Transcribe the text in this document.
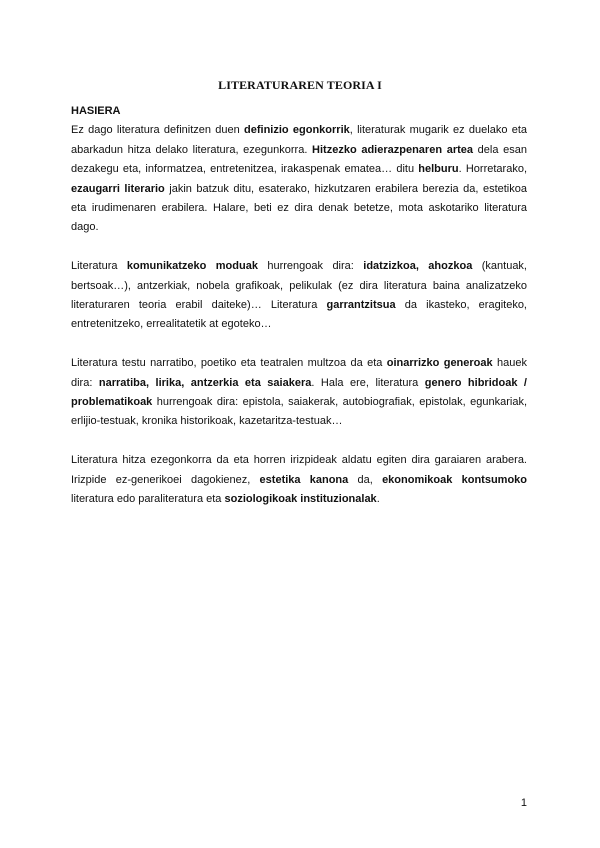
LITERATURAREN TEORIA I

HASIERA

Ez dago literatura definitzen duen definizio egonkorrik, literaturak mugarik ez duelako eta abarkadun hitza delako literatura, ezegunkorra. Hitzezko adierazpenaren artea dela esan dezakegu eta, informatzea, entretenitzea, irakaspenak ematea… ditu helburu. Horretarako, ezaugarri literario jakin batzuk ditu, esaterako, hizkutzaren erabilera berezia da, estetikoa eta irudimenaren erabilera. Halare, beti ez dira denak betetze, mota askotariko literatura dago.

Literatura komunikatzeko moduak hurrengoak dira: idatzizkoa, ahozkoa (kantuak, bertsoak…), antzerkiak, nobela grafikoak, pelikulak (ez dira literatura baina analizatzeko literaturaren teoria erabil daiteke)… Literatura garrantzitsua da ikasteko, eragiteko, entretenitzeko, errealitatetik at egoteko…

Literatura testu narratibo, poetiko eta teatralen multzoa da eta oinarrizko generoak hauek dira: narratiba, lirika, antzerkia eta saiakera. Hala ere, literatura genero hibridoak / problematikoak hurrengoak dira: epistola, saiakerak, autobiografiak, epistolak, egunkariak, erlijio-testuak, kronika historikoak, kazetaritza-testuak…

Literatura hitza ezegonkorra da eta horren irizpideak aldatu egiten dira garaiaren arabera. Irizpide ez-generikoei dagokienez, estetika kanona da, ekonomikoak kontsumoko literatura edo paraliteratura eta soziologikoak instituzionalak.

1
